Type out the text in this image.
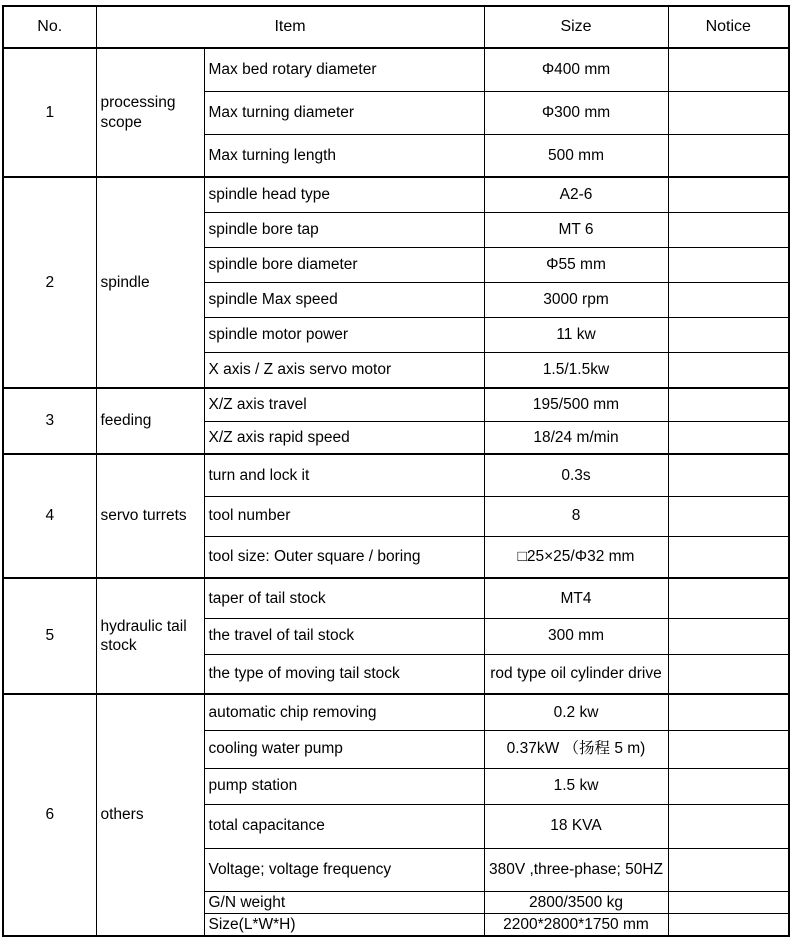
No.	Item		Size	Notice
1	processing scope	Max bed rotary diameter	Φ400 mm	
		Max turning diameter	Φ300 mm	
		Max turning length	500 mm	
2	spindle	spindle head type	A2-6	
		spindle bore tap	MT 6	
		spindle bore diameter	Φ55 mm	
		spindle Max speed	3000 rpm	
		spindle motor power	11 kw	
		X axis / Z axis servo motor	1.5/1.5kw	
3	feeding	X/Z axis travel	195/500 mm	
		X/Z axis rapid speed	18/24 m/min	
4	servo turrets	turn and lock it	0.3s	
		tool number	8	
		tool size: Outer square / boring	□25×25/Φ32 mm	
5	hydraulic tail stock	taper of tail stock	MT4	
		the travel of tail stock	300 mm	
		the type of moving tail stock	rod type oil cylinder drive	
6	others	automatic chip removing	0.2 kw	
		cooling water pump	0.37kW （扬程 5 m)	
		pump station	1.5 kw	
		total capacitance	18 KVA	
		Voltage; voltage frequency	380V ,three-phase; 50HZ	
		G/N weight	2800/3500 kg	
		Size(L*W*H)	2200*2800*1750 mm	
